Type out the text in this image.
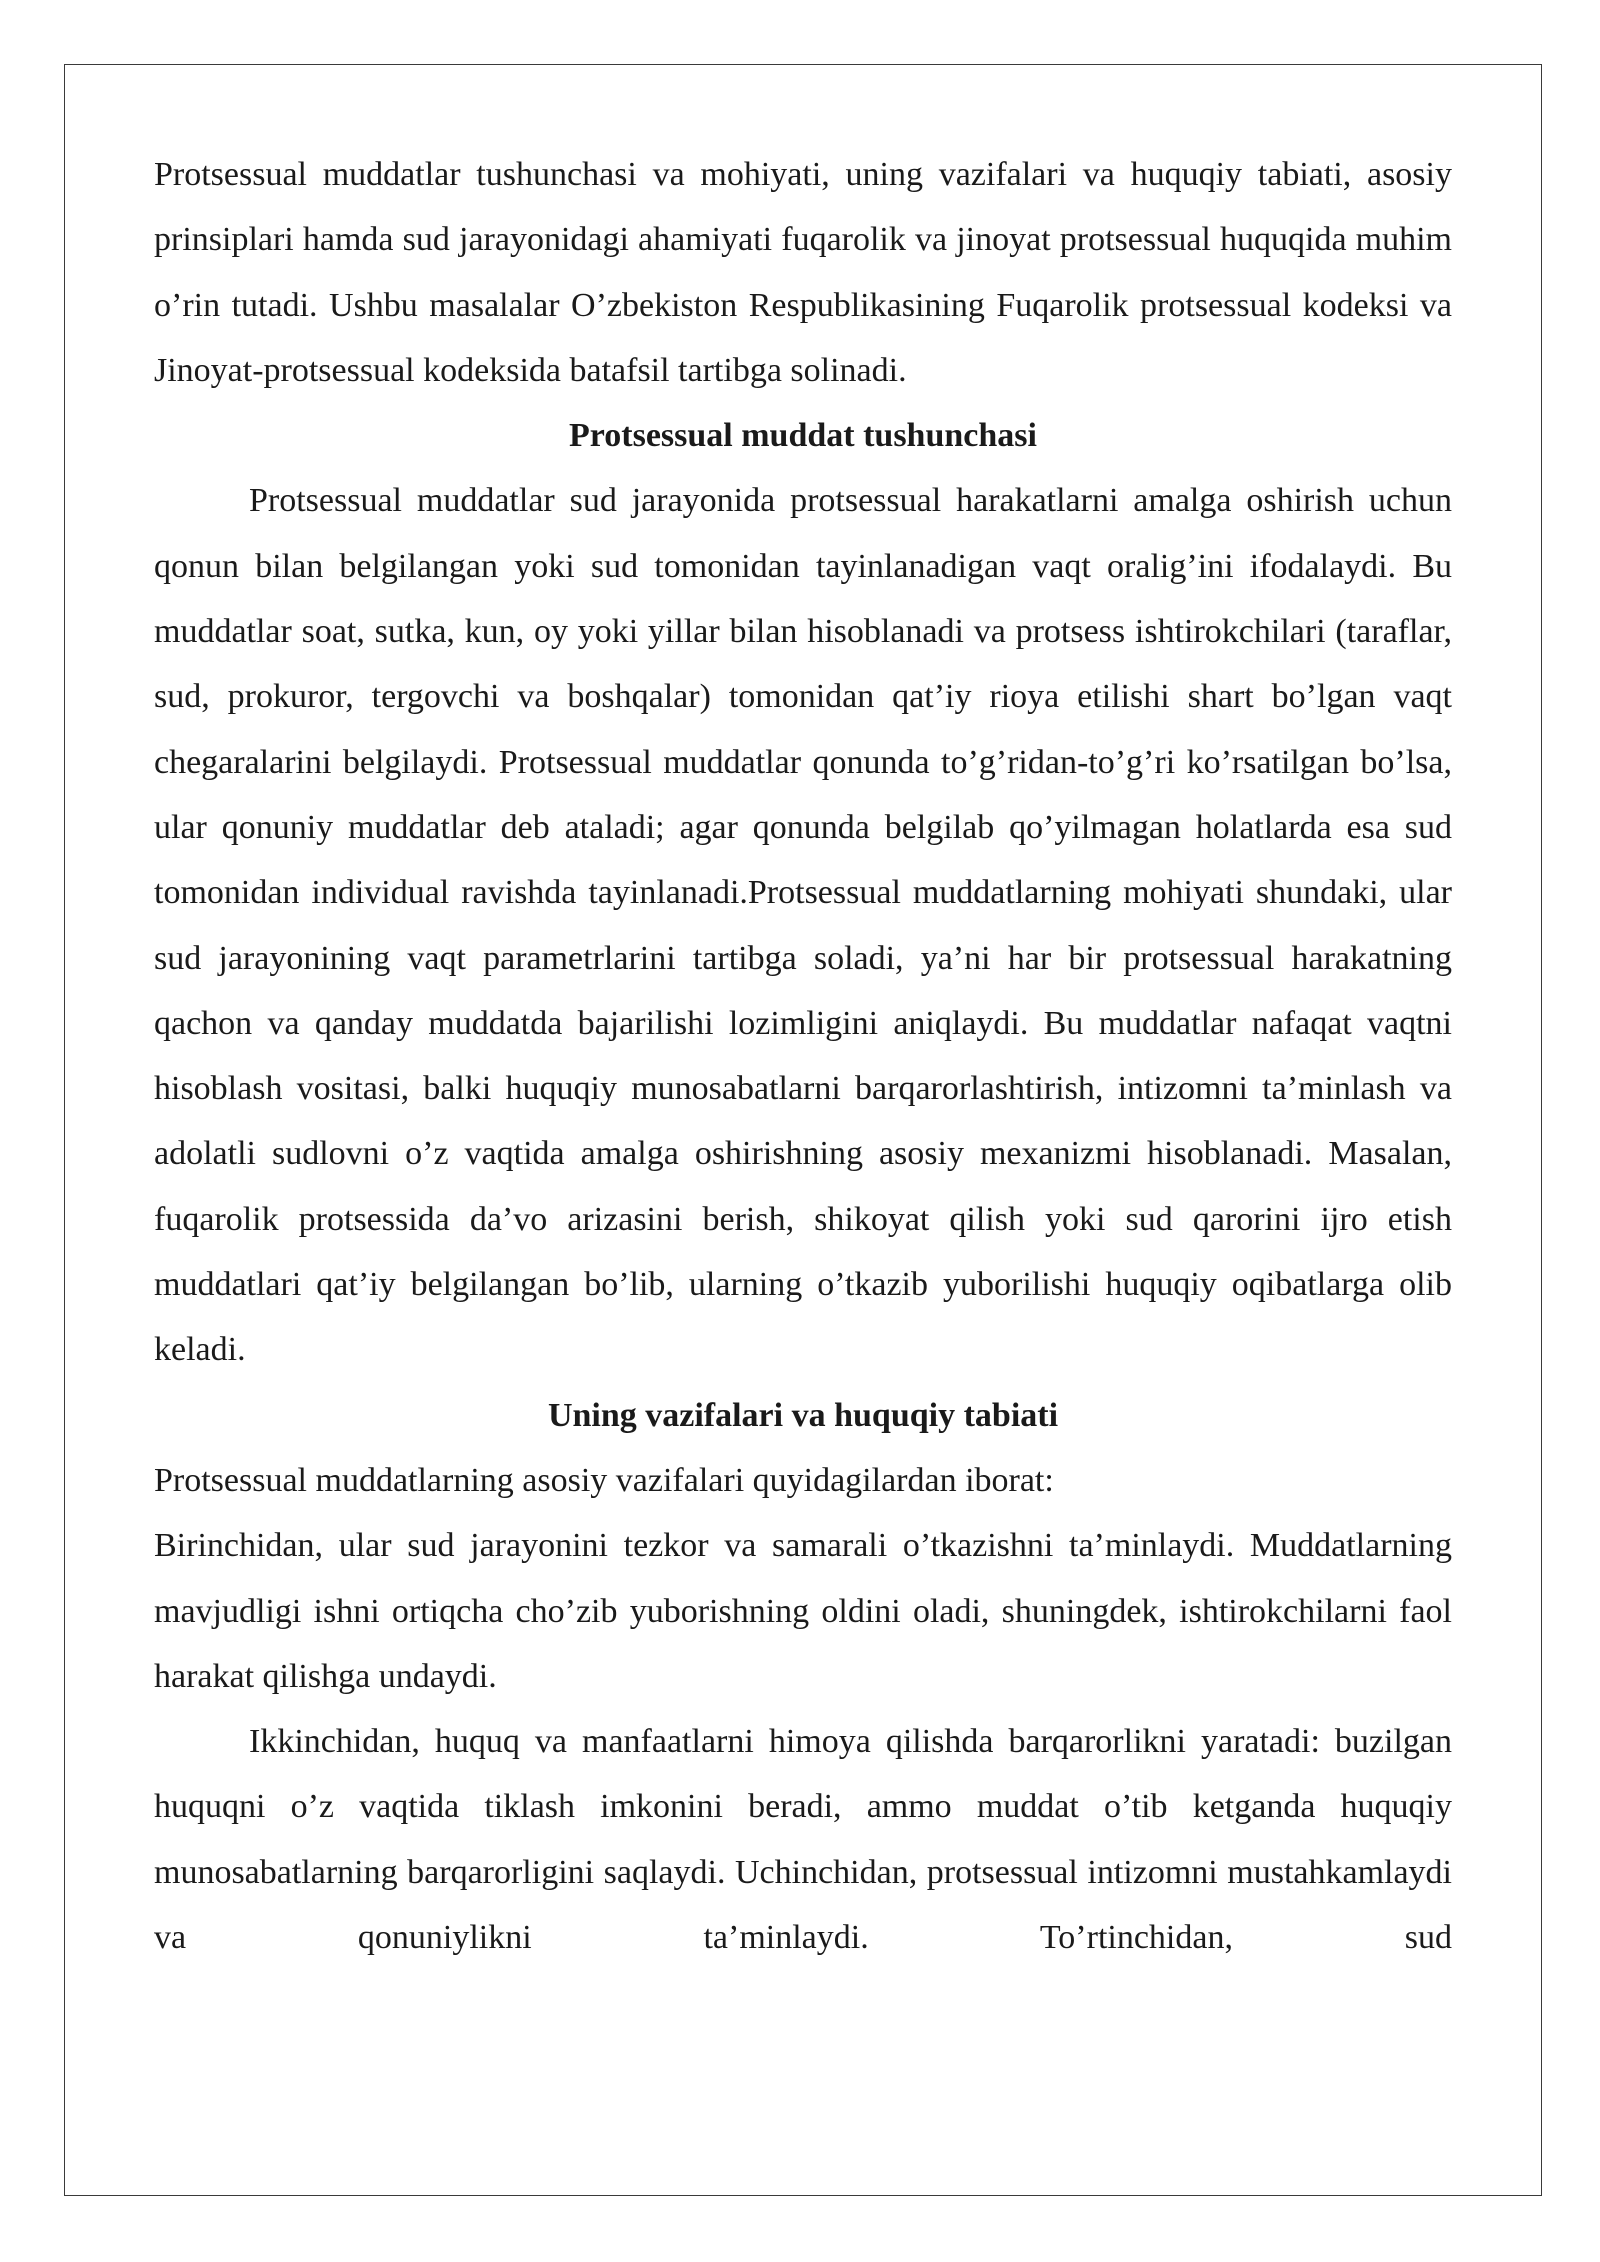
Protsessual muddatlar tushunchasi va mohiyati, uning vazifalari va huquqiy tabiati, asosiy prinsiplari hamda sud jarayonidagi ahamiyati fuqarolik va jinoyat protsessual huquqida muhim o’rin tutadi. Ushbu masalalar O’zbekiston Respublikasining Fuqarolik protsessual kodeksi va Jinoyat-protsessual kodeksida batafsil tartibga solinadi.

Protsessual muddat tushunchasi

Protsessual muddatlar sud jarayonida protsessual harakatlarni amalga oshirish uchun qonun bilan belgilangan yoki sud tomonidan tayinlanadigan vaqt oralig’ini ifodalaydi. Bu muddatlar soat, sutka, kun, oy yoki yillar bilan hisoblanadi va protsess ishtirokchilari (taraflar, sud, prokuror, tergovchi va boshqalar) tomonidan qat’iy rioya etilishi shart bo’lgan vaqt chegaralarini belgilaydi. Protsessual muddatlar qonunda to’g’ridan-to’g’ri ko’rsatilgan bo’lsa, ular qonuniy muddatlar deb ataladi; agar qonunda belgilab qo’yilmagan holatlarda esa sud tomonidan individual ravishda tayinlanadi.Protsessual muddatlarning mohiyati shundaki, ular sud jarayonining vaqt parametrlarini tartibga soladi, ya’ni har bir protsessual harakatning qachon va qanday muddatda bajarilishi lozimligini aniqlaydi. Bu muddatlar nafaqat vaqtni hisoblash vositasi, balki huquqiy munosabatlarni barqarorlashtirish, intizomni ta’minlash va adolatli sudlovni o’z vaqtida amalga oshirishning asosiy mexanizmi hisoblanadi. Masalan, fuqarolik protsessida da’vo arizasini berish, shikoyat qilish yoki sud qarorini ijro etish muddatlari qat’iy belgilangan bo’lib, ularning o’tkazib yuborilishi huquqiy oqibatlarga olib keladi.

Uning vazifalari va huquqiy tabiati

Protsessual muddatlarning asosiy vazifalari quyidagilardan iborat:

Birinchidan, ular sud jarayonini tezkor va samarali o’tkazishni ta’minlaydi. Muddatlarning mavjudligi ishni ortiqcha cho’zib yuborishning oldini oladi, shuningdek, ishtirokchilarni faol harakat qilishga undaydi.

Ikkinchidan, huquq va manfaatlarni himoya qilishda barqarorlikni yaratadi: buzilgan huquqni o’z vaqtida tiklash imkonini beradi, ammo muddat o’tib ketganda huquqiy munosabatlarning barqarorligini saqlaydi. Uchinchidan, protsessual intizomni mustahkamlaydi va qonuniylikni ta’minlaydi. To’rtinchidan, sud
